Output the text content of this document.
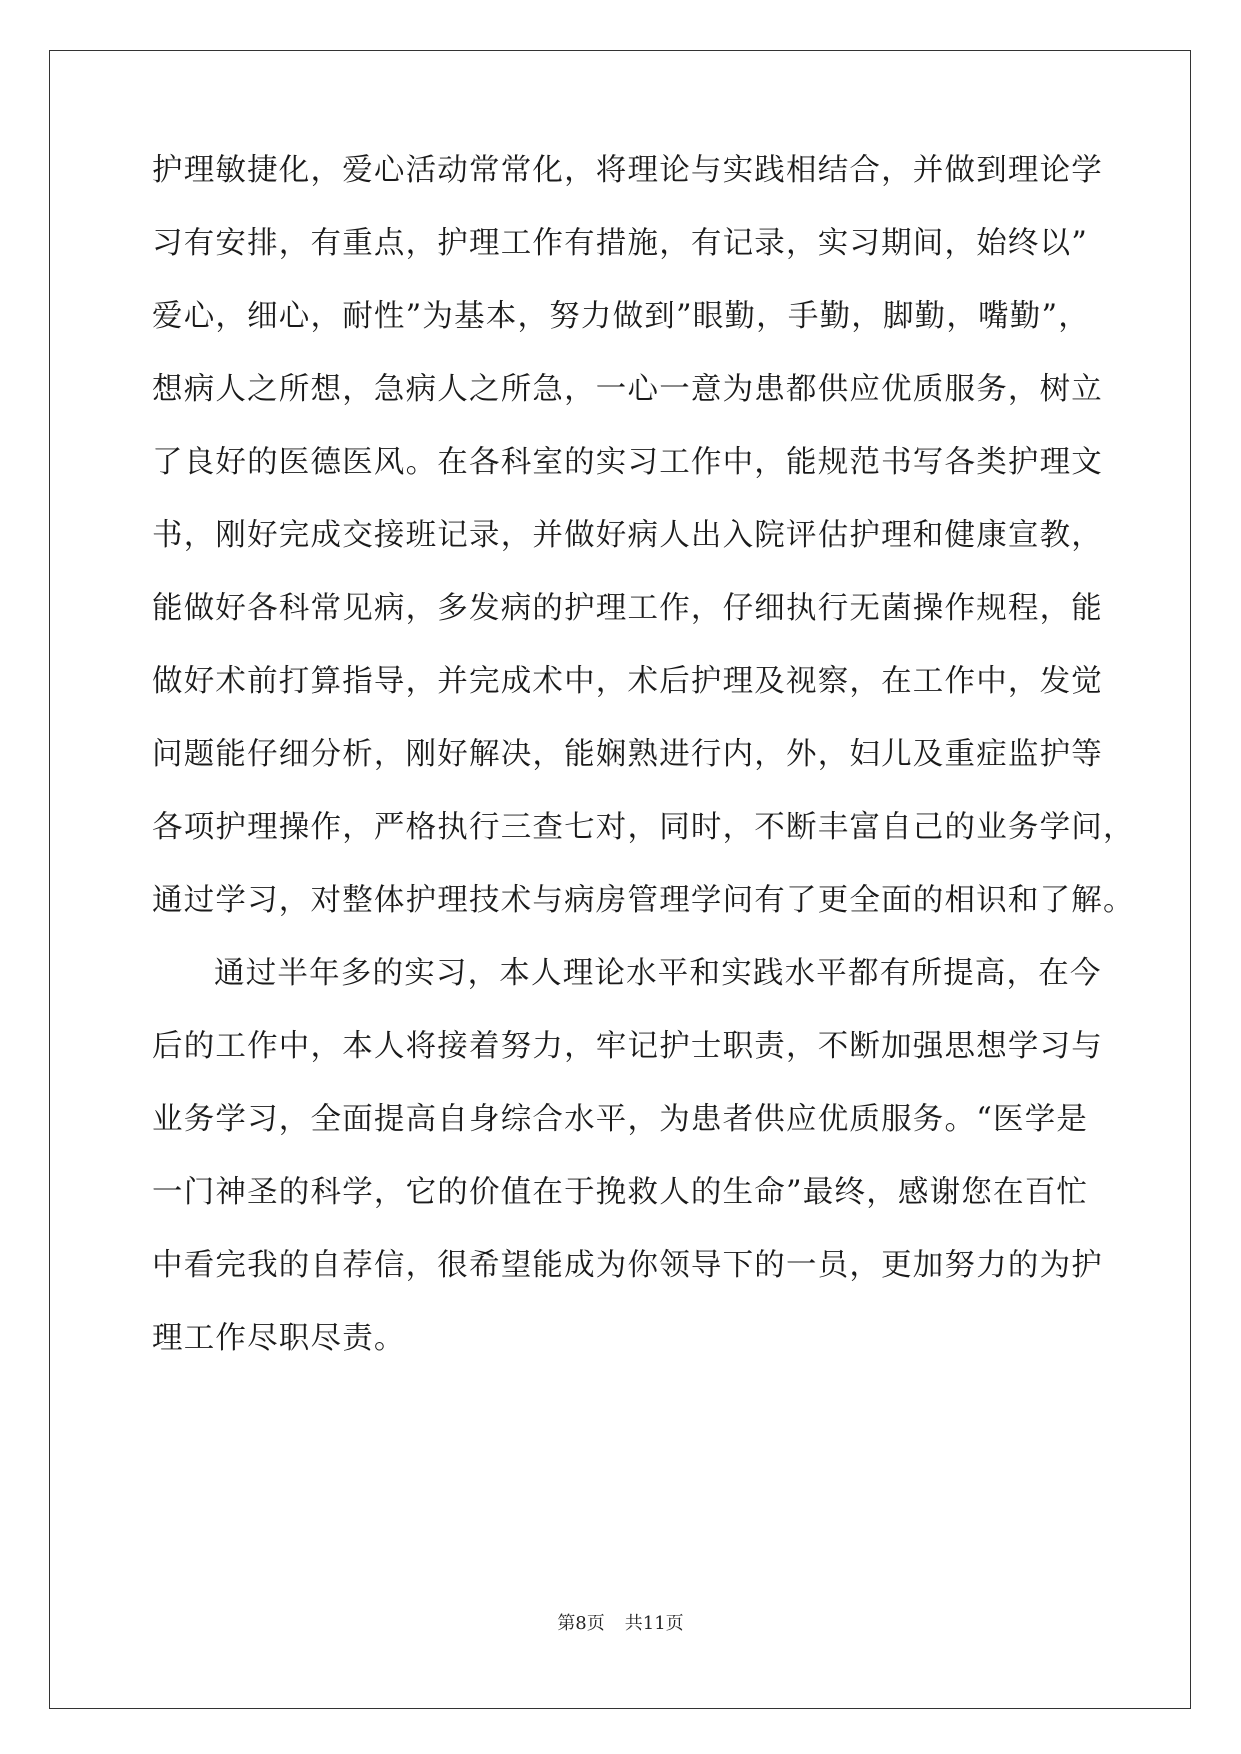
护理敏捷化，爱心活动常常化，将理论与实践相结合，并做到理论学
习有安排，有重点，护理工作有措施，有记录，实习期间，始终以”
爱心，细心，耐性”为基本，努力做到”眼勤，手勤，脚勤，嘴勤”，
想病人之所想，急病人之所急，一心一意为患都供应优质服务，树立
了良好的医德医风。在各科室的实习工作中，能规范书写各类护理文
书，刚好完成交接班记录，并做好病人出入院评估护理和健康宣教，
能做好各科常见病，多发病的护理工作，仔细执行无菌操作规程，能
做好术前打算指导，并完成术中，术后护理及视察，在工作中，发觉
问题能仔细分析，刚好解决，能娴熟进行内，外，妇儿及重症监护等
各项护理操作，严格执行三查七对，同时，不断丰富自己的业务学问，
通过学习，对整体护理技术与病房管理学问有了更全面的相识和了解。
通过半年多的实习，本人理论水平和实践水平都有所提高，在今
后的工作中，本人将接着努力，牢记护士职责，不断加强思想学习与
业务学习，全面提高自身综合水平，为患者供应优质服务。“医学是
一门神圣的科学，它的价值在于挽救人的生命”最终，感谢您在百忙
中看完我的自荐信，很希望能成为你领导下的一员，更加努力的为护
理工作尽职尽责。
第8页 共11页
